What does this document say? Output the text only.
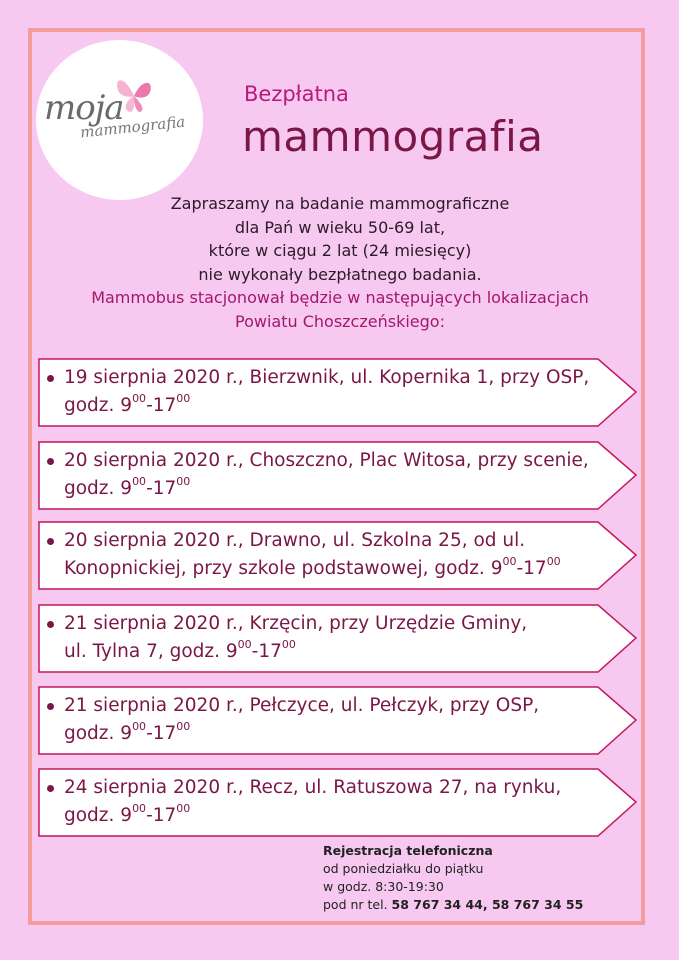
moja
mammografia
Bezpłatna
mammografia
Zapraszamy na badanie mammograficzne
dla Pań w wieku 50-69 lat,
które w ciągu 2 lat (24 miesięcy)
nie wykonały bezpłatnego badania.
Mammobus stacjonował będzie w następujących lokalizacjach
Powiatu Choszczeńskiego:
19 sierpnia 2020 r., Bierzwnik, ul. Kopernika 1, przy OSP,
godz. $9^{00}-17^{00}$
20 sierpnia 2020 r., Choszczno, Plac Witosa, przy scenie,
godz. $9^{00}-17^{00}$
20 sierpnia 2020 r., Drawno, ul. Szkolna 25, od ul.
Konopnickiej, przy szkole podstawowej, godz. $9^{00}-17^{00}$
21 sierpnia 2020 r., Krzęcin, przy Urzędzie Gminy,
ul. Tylna 7, godz. $9^{00}-17^{00}$
21 sierpnia 2020 r., Pełczyce, ul. Pełczyk, przy OSP,
godz. $9^{00}-17^{00}$
24 sierpnia 2020 r., Recz, ul. Ratuszowa 27, na rynku,
godz. $9^{00}-17^{00}$
Rejestracja telefoniczna
od poniedziałku do piątku
w godz. 8:30-19:30
pod nr tel. 58 767 34 44, 58 767 34 55
